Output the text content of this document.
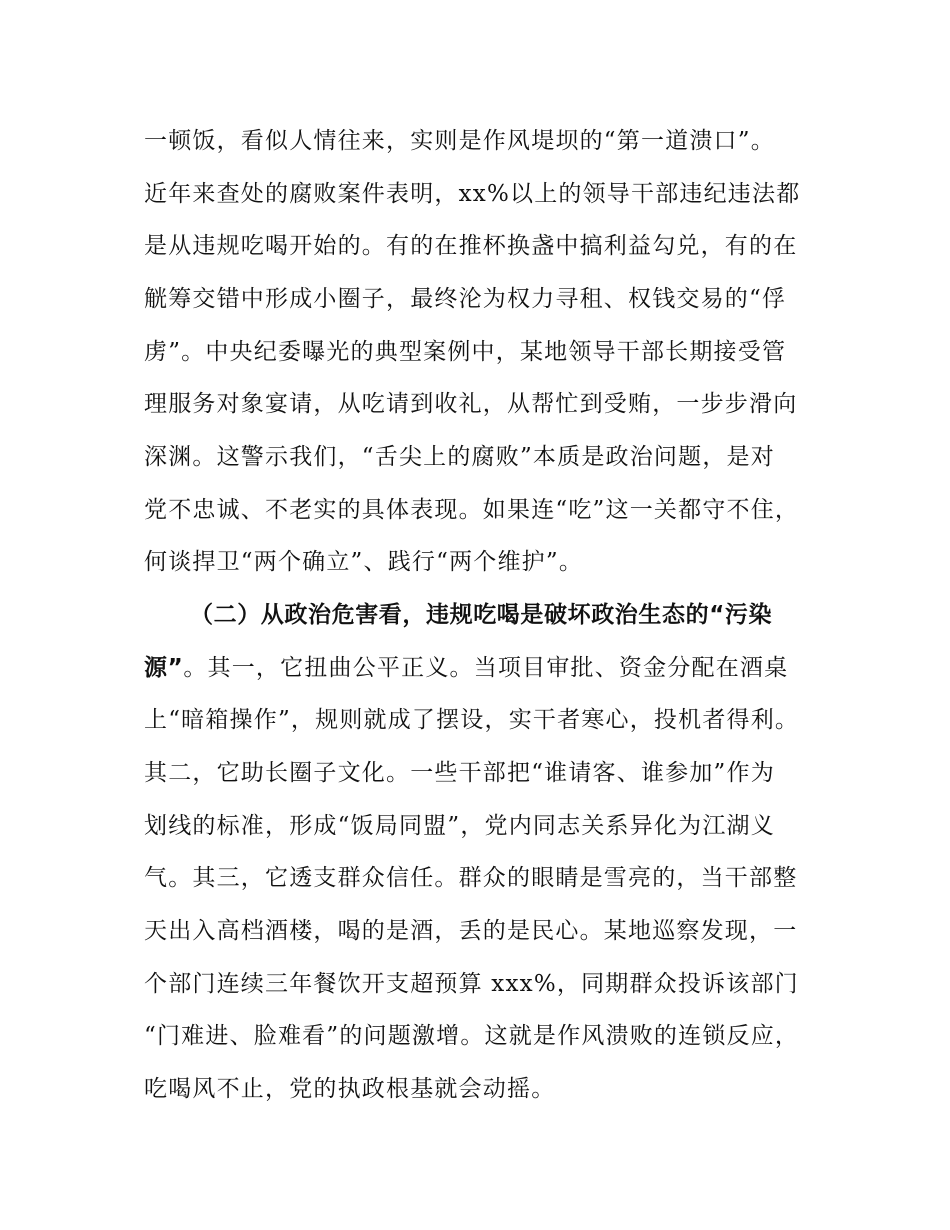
一顿饭，看似人情往来，实则是作风堤坝的“第一道溃口”。
近年来查处的腐败案件表明，xx%以上的领导干部违纪违法都
是从违规吃喝开始的。有的在推杯换盏中搞利益勾兑，有的在
觥筹交错中形成小圈子，最终沦为权力寻租、权钱交易的“俘
虏”。中央纪委曝光的典型案例中，某地领导干部长期接受管
理服务对象宴请，从吃请到收礼，从帮忙到受贿，一步步滑向
深渊。这警示我们，“舌尖上的腐败”本质是政治问题，是对
党不忠诚、不老实的具体表现。如果连“吃”这一关都守不住，
何谈捍卫“两个确立”、践行“两个维护”。
（二）从政治危害看，违规吃喝是破坏政治生态的“污染
源”。其一，它扭曲公平正义。当项目审批、资金分配在酒桌
上“暗箱操作”，规则就成了摆设，实干者寒心，投机者得利。
其二，它助长圈子文化。一些干部把“谁请客、谁参加”作为
划线的标准，形成“饭局同盟”，党内同志关系异化为江湖义
气。其三，它透支群众信任。群众的眼睛是雪亮的，当干部整
天出入高档酒楼，喝的是酒，丢的是民心。某地巡察发现，一
个部门连续三年餐饮开支超预算 xxx%，同期群众投诉该部门
“门难进、脸难看”的问题激增。这就是作风溃败的连锁反应，
吃喝风不止，党的执政根基就会动摇。
